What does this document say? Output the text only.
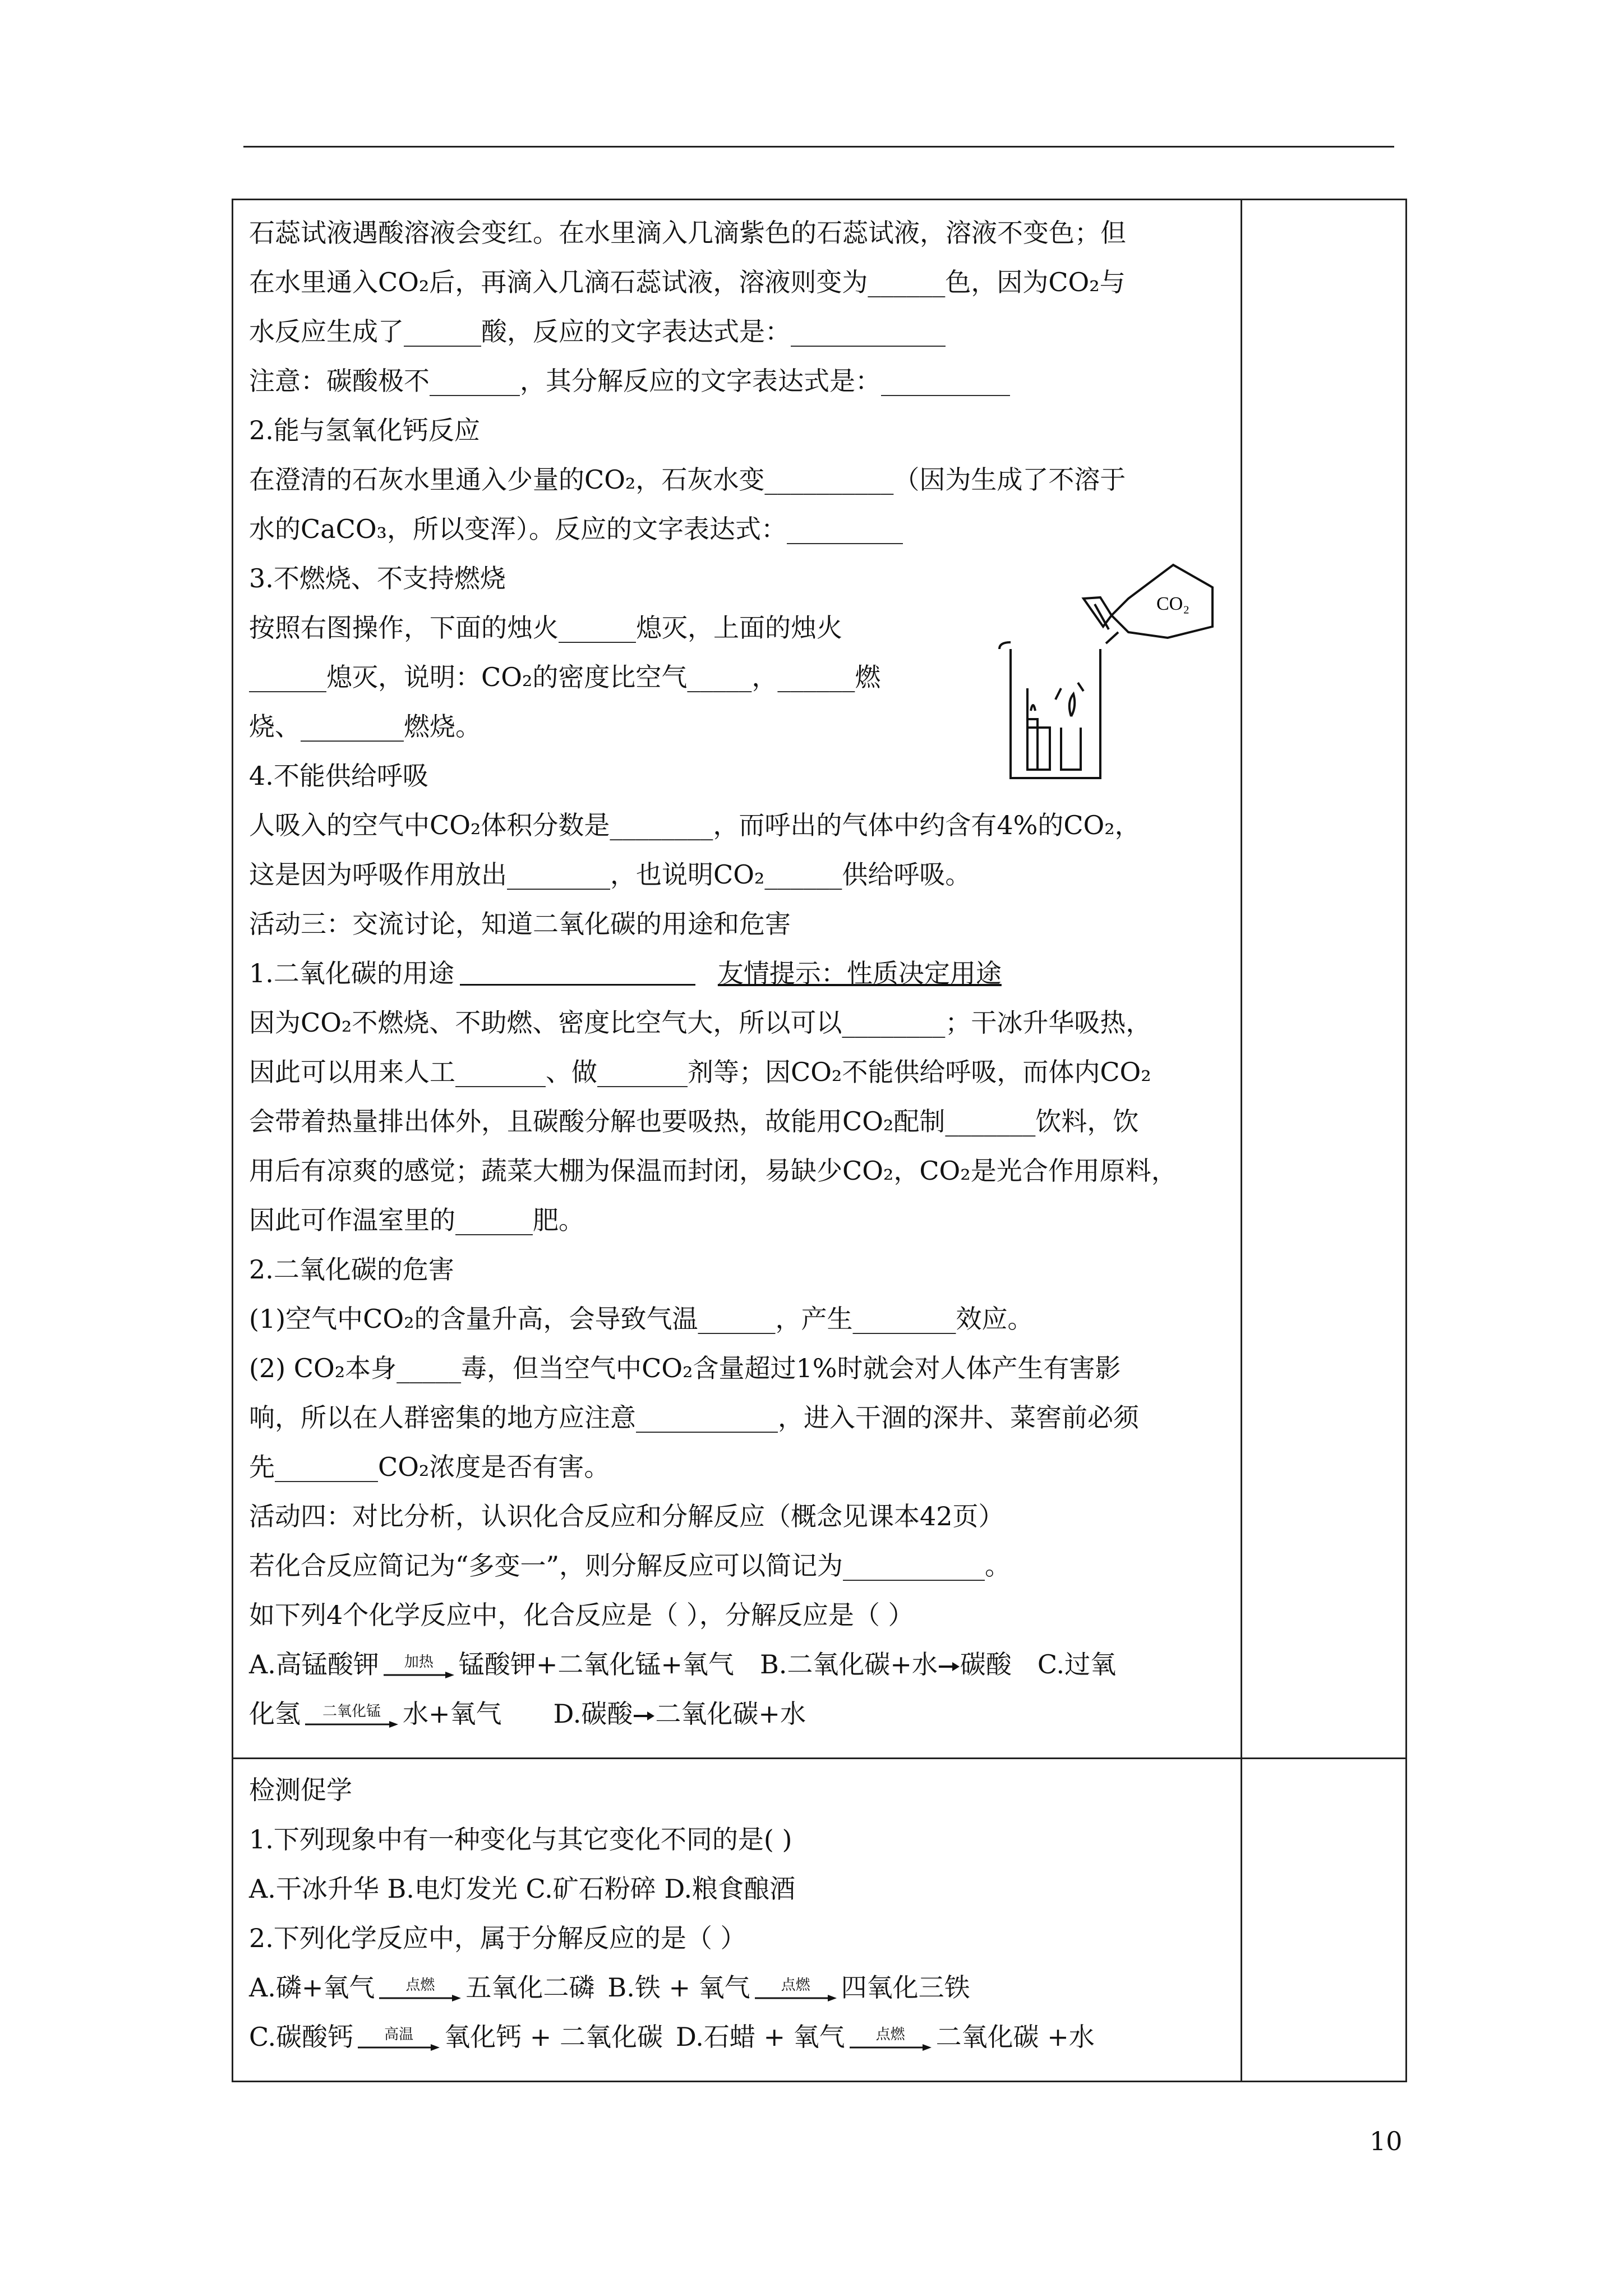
石蕊试液遇酸溶液会变红。在水里滴入几滴紫色的石蕊试液，溶液不变色；但
在水里通入CO₂后，再滴入几滴石蕊试液，溶液则变为______色，因为CO₂与
水反应生成了______酸，反应的文字表达式是：____________
注意：碳酸极不_______，其分解反应的文字表达式是：__________
2.能与氢氧化钙反应
在澄清的石灰水里通入少量的CO₂，石灰水变__________（因为生成了不溶于
水的CaCO₃，所以变浑）。反应的文字表达式：_________
3.不燃烧、不支持燃烧
按照右图操作，下面的烛火______熄灭，上面的烛火
______熄灭，说明：CO₂的密度比空气_____，______燃
烧、________燃烧。
4.不能供给呼吸
人吸入的空气中CO₂体积分数是________，而呼出的气体中约含有4%的CO₂，
这是因为呼吸作用放出________，也说明CO₂______供给呼吸。
活动三：交流讨论，知道二氧化碳的用途和危害
1.二氧化碳的用途	友情提示：性质决定用途
因为CO₂不燃烧、不助燃、密度比空气大，所以可以________；干冰升华吸热，
因此可以用来人工_______、做_______剂等；因CO₂不能供给呼吸，而体内CO₂
会带着热量排出体外，且碳酸分解也要吸热，故能用CO₂配制_______饮料，饮
用后有凉爽的感觉；蔬菜大棚为保温而封闭，易缺少CO₂，CO₂是光合作用原料，
因此可作温室里的______肥。
2.二氧化碳的危害
(1)空气中CO₂的含量升高，会导致气温______，产生________效应。
(2) CO₂本身_____毒，但当空气中CO₂含量超过1%时就会对人体产生有害影
响，所以在人群密集的地方应注意___________，进入干涸的深井、菜窖前必须
先________CO₂浓度是否有害。
活动四：对比分析，认识化合反应和分解反应（概念见课本42页）
若化合反应简记为“多变一”，则分解反应可以简记为___________。
如下列4个化学反应中，化合反应是（ ），分解反应是（ ）
A.高锰酸钾	加热 锰酸钾+二氧化锰+氧气  B.二氧化碳+水 碳酸  C.过氧
化氢	二氧化锰 水+氧气   D.碳酸 二氧化碳+水
CO₂
检测促学
1.下列现象中有一种变化与其它变化不同的是( )
A.干冰升华 B.电灯发光 C.矿石粉碎 D.粮食酿酒
2.下列化学反应中，属于分解反应的是（ ）
A.磷+氧气	点燃	五氧化二磷  B.铁 + 氧气	点燃	四氧化三铁
C.碳酸钙	高温	氧化钙 + 二氧化碳  D.石蜡 + 氧气	点燃	二氧化碳 +水
10
